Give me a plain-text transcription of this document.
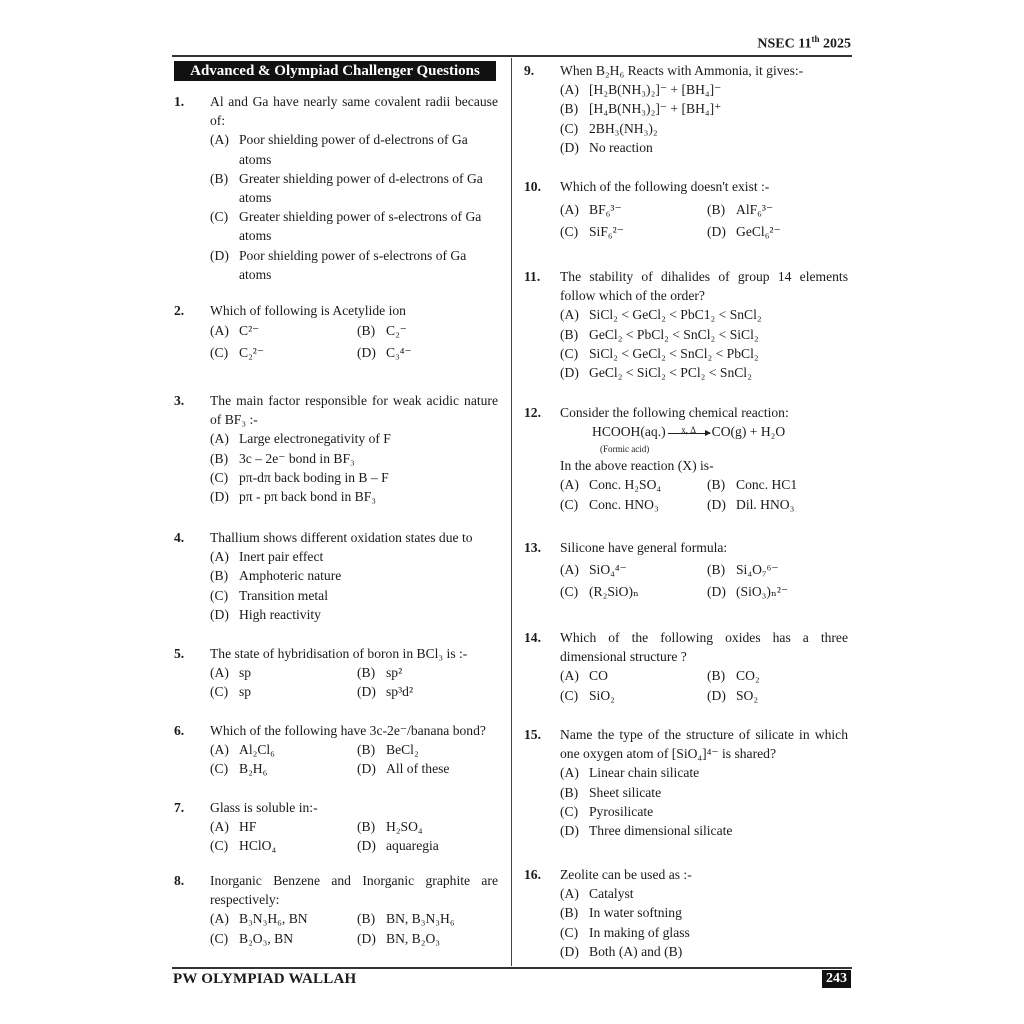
NSEC 11th 2025
Advanced & Olympiad Challenger Questions
1. Al and Ga have nearly same covalent radii because of:
(A) Poor shielding power of d-electrons of Ga atoms
(B) Greater shielding power of d-electrons of Ga atoms
(C) Greater shielding power of s-electrons of Ga atoms
(D) Poor shielding power of s-electrons of Ga atoms
2. Which of following is Acetylide ion
(A) C²⁻	(B) C₂⁻
(C) C₂²⁻	(D) C₃⁴⁻
3. The main factor responsible for weak acidic nature of BF₃ :-
(A) Large electronegativity of F
(B) 3c – 2e⁻ bond in BF₃
(C) pπ-dπ back boding in B – F
(D) pπ - pπ back bond in BF₃
4. Thallium shows different oxidation states due to
(A) Inert pair effect
(B) Amphoteric nature
(C) Transition metal
(D) High reactivity
5. The state of hybridisation of boron in BCl₃ is :-
(A) sp	(B) sp²
(C) sp	(D) sp³d²
6. Which of the following have 3c-2e⁻/banana bond?
(A) Al₂Cl₆	(B) BeCl₂
(C) B₂H₆	(D) All of these
7. Glass is soluble in:-
(A) HF	(B) H₂SO₄
(C) HClO₄	(D) aquaregia
8. Inorganic Benzene and Inorganic graphite are respectively:
(A) B₃N₃H₆, BN	(B) BN, B₃N₃H₆
(C) B₂O₃, BN	(D) BN, B₂O₃
9. When B₂H₆ Reacts with Ammonia, it gives:-
(A) [H₂B(NH₃)₂]⁻ + [BH₄]⁻
(B) [H₄B(NH₃)₂]⁻ + [BH₄]⁺
(C) 2BH₃(NH₃)₂
(D) No reaction
10. Which of the following doesn't exist :-
(A) BF₆³⁻	(B) AlF₆³⁻
(C) SiF₆²⁻	(D) GeCl₆²⁻
11. The stability of dihalides of group 14 elements follow which of the order?
(A) SiCl₂ < GeCl₂ < PbC1₂ < SnCl₂
(B) GeCl₂ < PbCl₂ < SnCl₂ < SiCl₂
(C) SiCl₂ < GeCl₂ < SnCl₂ < PbCl₂
(D) GeCl₂ < SiCl₂ < PCl₂ < SnCl₂
12. Consider the following chemical reaction:
HCOOH(aq.)	x, Δ	CO(g) + H₂O
(Formic acid)
In the above reaction (X) is-
(A) Conc. H₂SO₄	(B) Conc. HC1
(C) Conc. HNO₃	(D) Dil. HNO₃
13. Silicone have general formula:
(A) SiO₄⁴⁻	(B) Si₄O₇⁶⁻
(C) (R₂SiO)ₙ	(D) (SiO₃)ₙ²⁻
14. Which of the following oxides has a three dimensional structure ?
(A) CO	(B) CO₂
(C) SiO₂	(D) SO₂
15. Name the type of the structure of silicate in which one oxygen atom of [SiO₄]⁴⁻ is shared?
(A) Linear chain silicate
(B) Sheet silicate
(C) Pyrosilicate
(D) Three dimensional silicate
16. Zeolite can be used as :-
(A) Catalyst
(B) In water softning
(C) In making of glass
(D) Both (A) and (B)
PW OLYMPIAD WALLAH	243
